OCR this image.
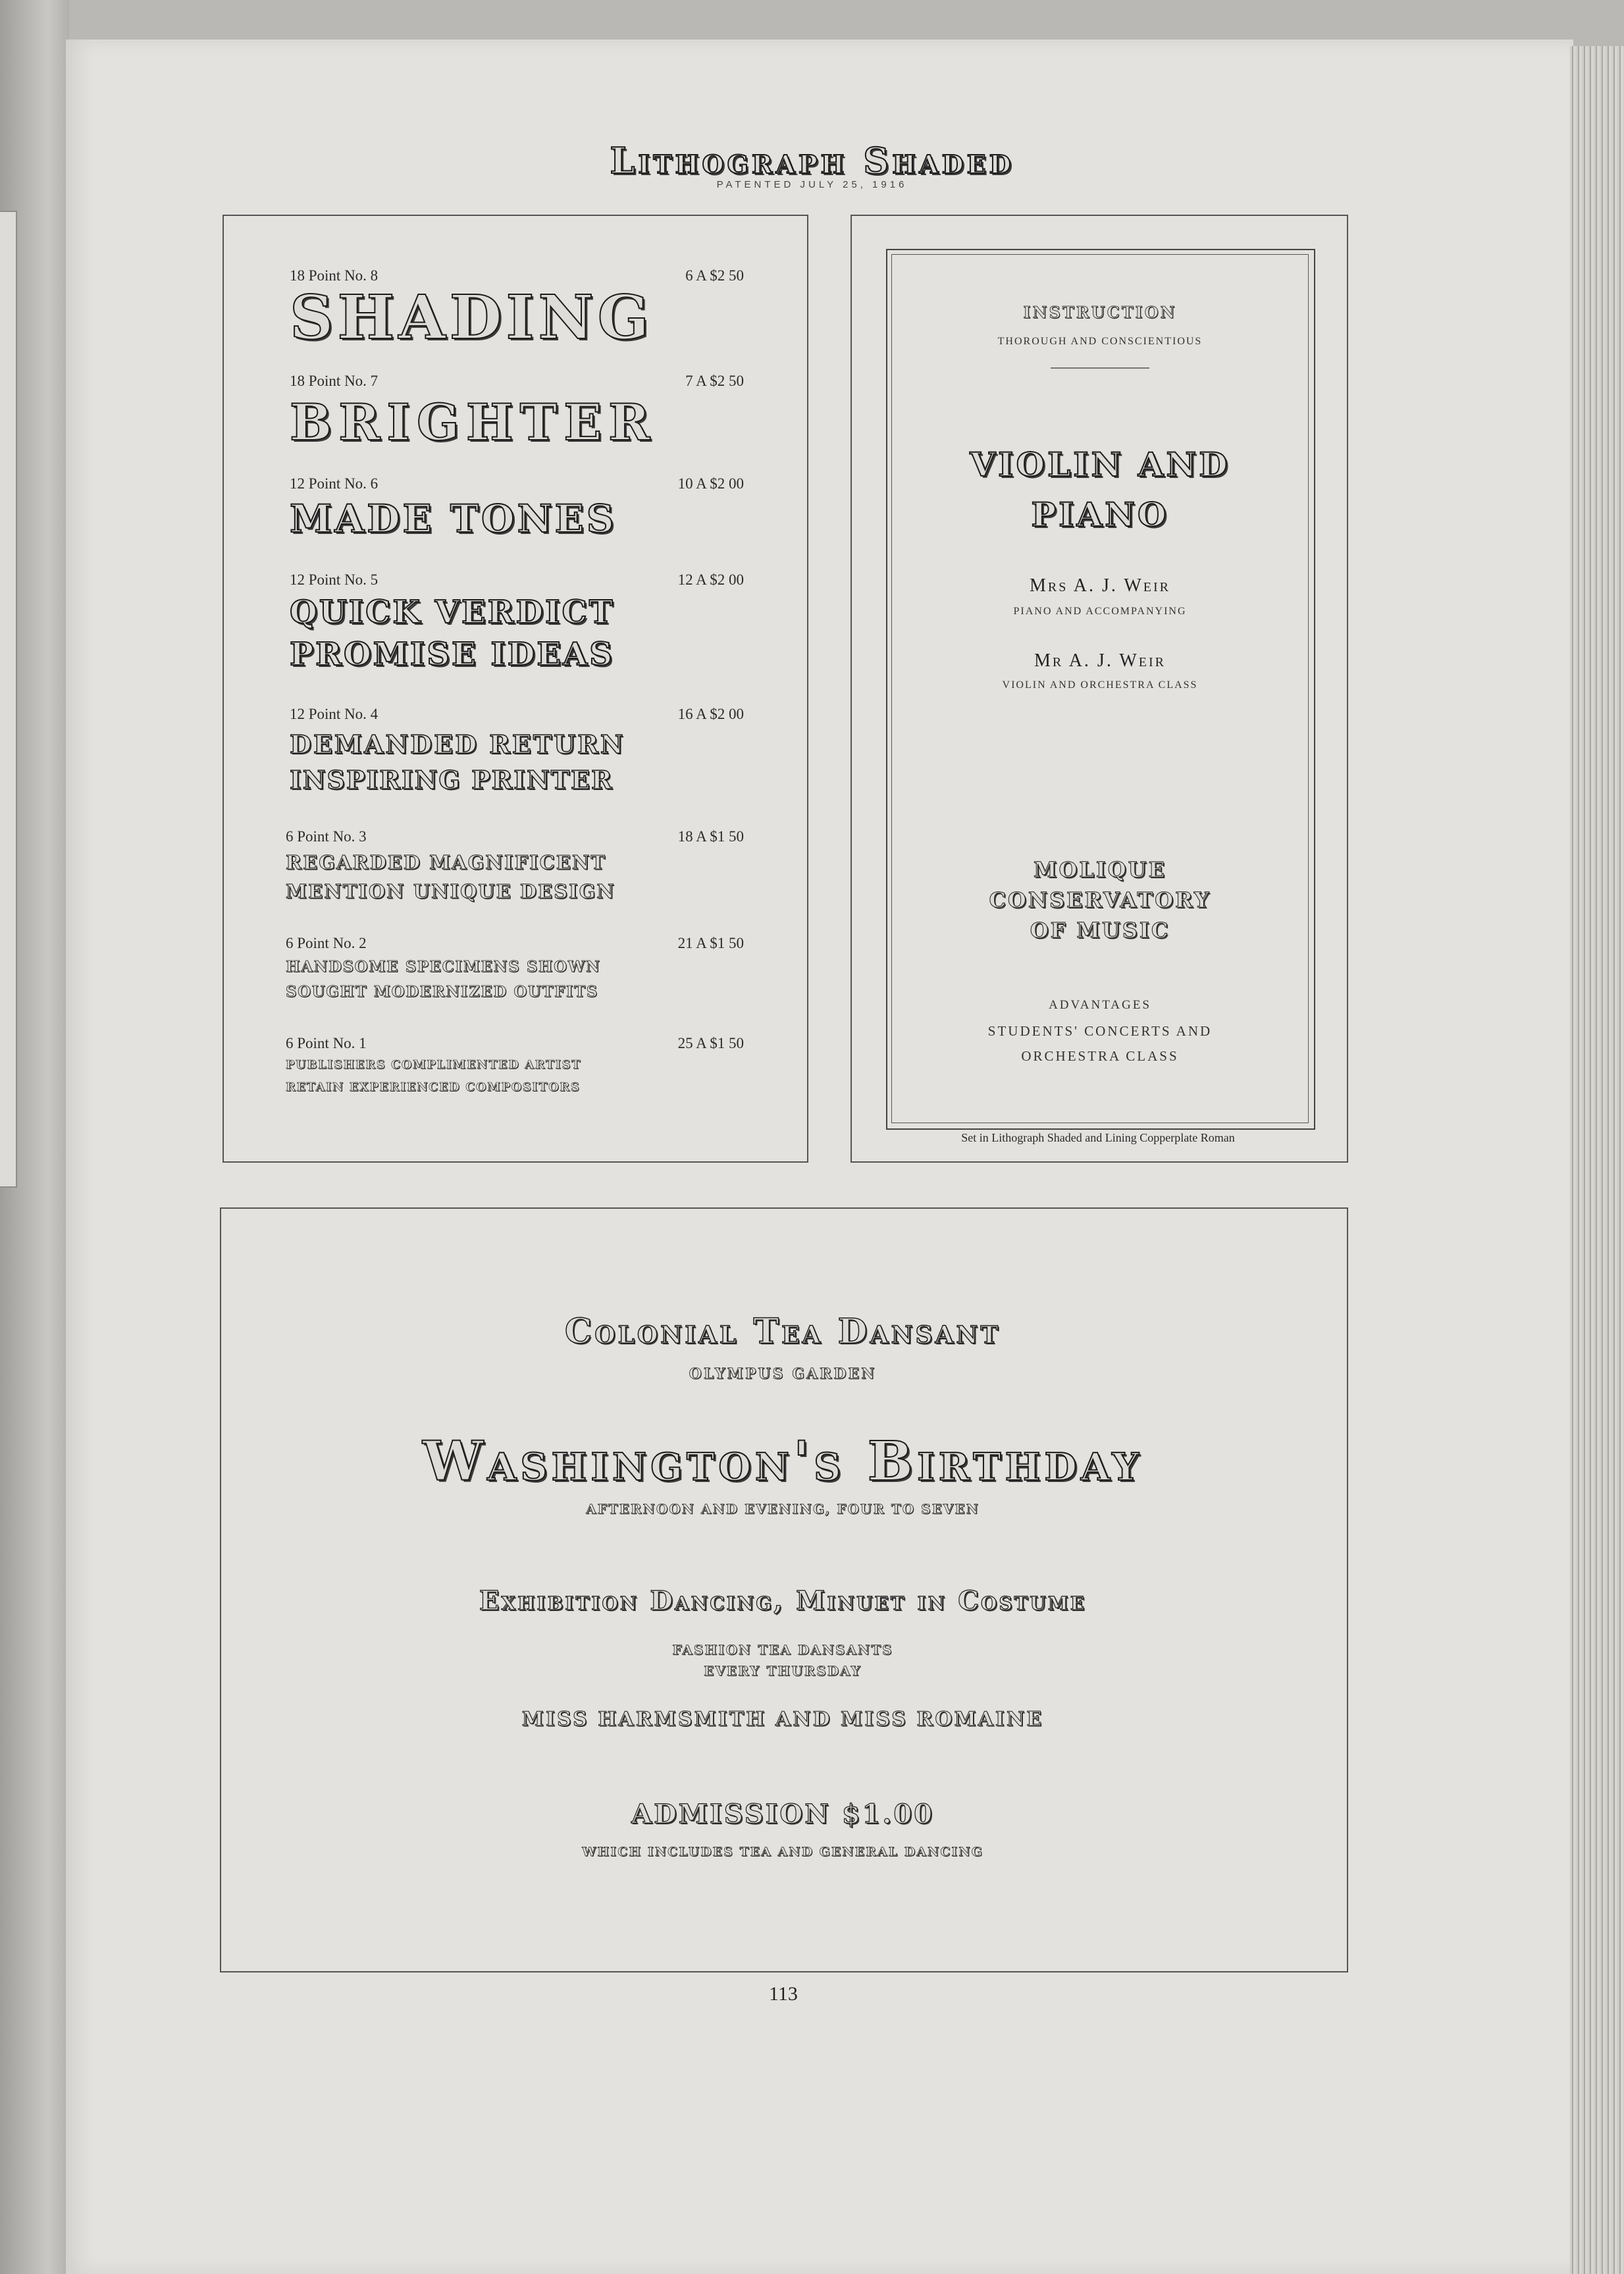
Lithograph Shaded
PATENTED JULY 25, 1916
18 Point No. 8	6 A $2 50
SHADING
18 Point No. 7	7 A $2 50
BRIGHTER
12 Point No. 6	10 A $2 00
MADE TONES
12 Point No. 5	12 A $2 00
QUICK VERDICT
PROMISE IDEAS
12 Point No. 4	16 A $2 00
DEMANDED RETURN
INSPIRING PRINTER
6 Point No. 3	18 A $1 50
REGARDED MAGNIFICENT
MENTION UNIQUE DESIGN
6 Point No. 2	21 A $1 50
HANDSOME SPECIMENS SHOWN
SOUGHT MODERNIZED OUTFITS
6 Point No. 1	25 A $1 50
PUBLISHERS COMPLIMENTED ARTIST
RETAIN EXPERIENCED COMPOSITORS
INSTRUCTION
THOROUGH AND CONSCIENTIOUS
VIOLIN AND
PIANO
Mrs A. J. Weir
PIANO AND ACCOMPANYING
Mr A. J. Weir
VIOLIN AND ORCHESTRA CLASS
MOLIQUE
CONSERVATORY
OF MUSIC
ADVANTAGES
STUDENTS' CONCERTS AND
ORCHESTRA CLASS
Set in Lithograph Shaded and Lining Copperplate Roman
Colonial Tea Dansant
OLYMPUS GARDEN
Washington's Birthday
AFTERNOON AND EVENING, FOUR TO SEVEN
Exhibition Dancing, Minuet in Costume
FASHION TEA DANSANTS
EVERY THURSDAY
MISS HARMSMITH AND MISS ROMAINE
ADMISSION $1.00
WHICH INCLUDES TEA AND GENERAL DANCING
113
